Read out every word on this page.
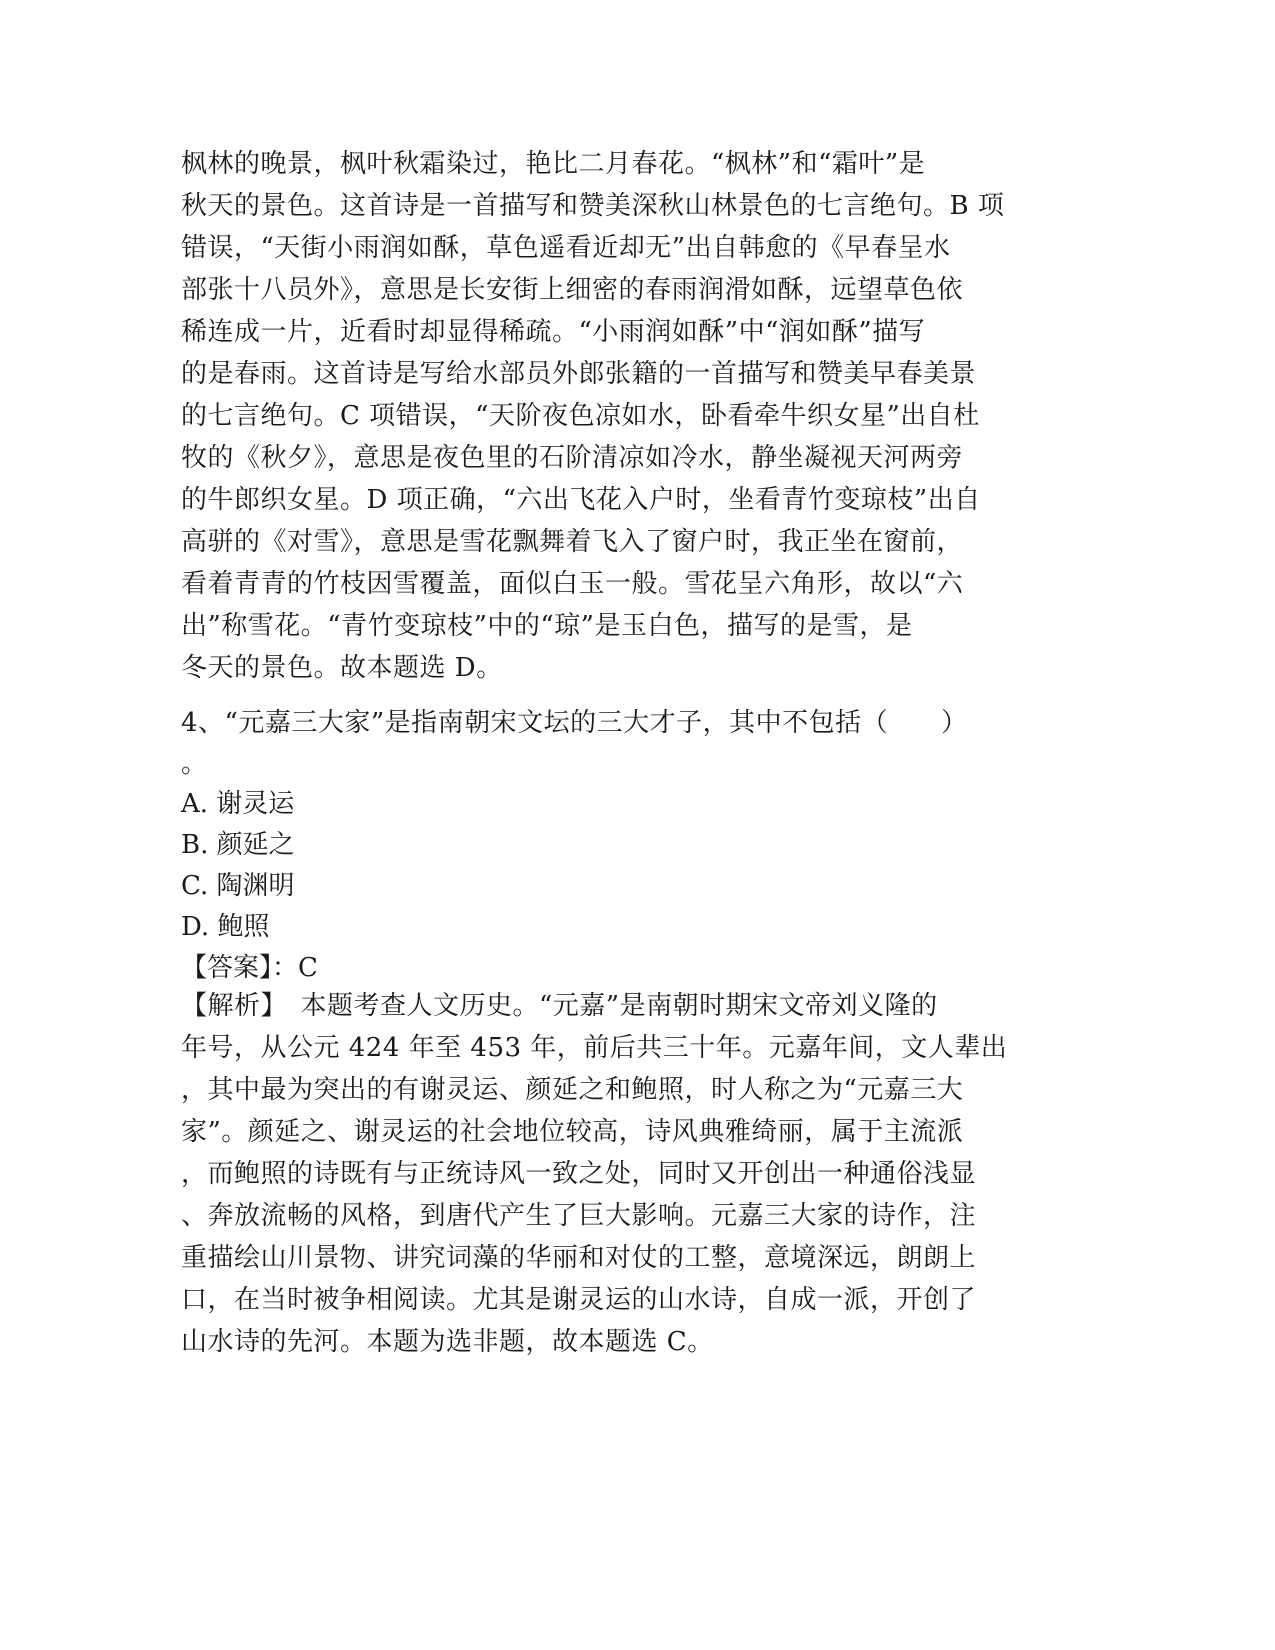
枫林的晚景，枫叶秋霜染过，艳比二月春花。“枫林”和“霜叶”是
秋天的景色。这首诗是一首描写和赞美深秋山林景色的七言绝句。B 项
错误，“天街小雨润如酥，草色遥看近却无”出自韩愈的《早春呈水
部张十八员外》，意思是长安街上细密的春雨润滑如酥，远望草色依
稀连成一片，近看时却显得稀疏。“小雨润如酥”中“润如酥”描写
的是春雨。这首诗是写给水部员外郎张籍的一首描写和赞美早春美景
的七言绝句。C 项错误，“天阶夜色凉如水，卧看牵牛织女星”出自杜
牧的《秋夕》，意思是夜色里的石阶清凉如冷水，静坐凝视天河两旁
的牛郎织女星。D 项正确，“六出飞花入户时，坐看青竹变琼枝”出自
高骈的《对雪》，意思是雪花飘舞着飞入了窗户时，我正坐在窗前，
看着青青的竹枝因雪覆盖，面似白玉一般。雪花呈六角形，故以“六
出”称雪花。“青竹变琼枝”中的“琼”是玉白色，描写的是雪，是
冬天的景色。故本题选 D。
4、“元嘉三大家”是指南朝宋文坛的三大才子，其中不包括（　　）
。
A. 谢灵运
B. 颜延之
C. 陶渊明
D. 鲍照
【答案】：C
【解析】　本题考查人文历史。“元嘉”是南朝时期宋文帝刘义隆的
年号，从公元 424 年至 453 年，前后共三十年。元嘉年间，文人辈出
，其中最为突出的有谢灵运、颜延之和鲍照，时人称之为“元嘉三大
家”。颜延之、谢灵运的社会地位较高，诗风典雅绮丽，属于主流派
，而鲍照的诗既有与正统诗风一致之处，同时又开创出一种通俗浅显
、奔放流畅的风格，到唐代产生了巨大影响。元嘉三大家的诗作，注
重描绘山川景物、讲究词藻的华丽和对仗的工整，意境深远，朗朗上
口，在当时被争相阅读。尤其是谢灵运的山水诗，自成一派，开创了
山水诗的先河。本题为选非题，故本题选 C。
